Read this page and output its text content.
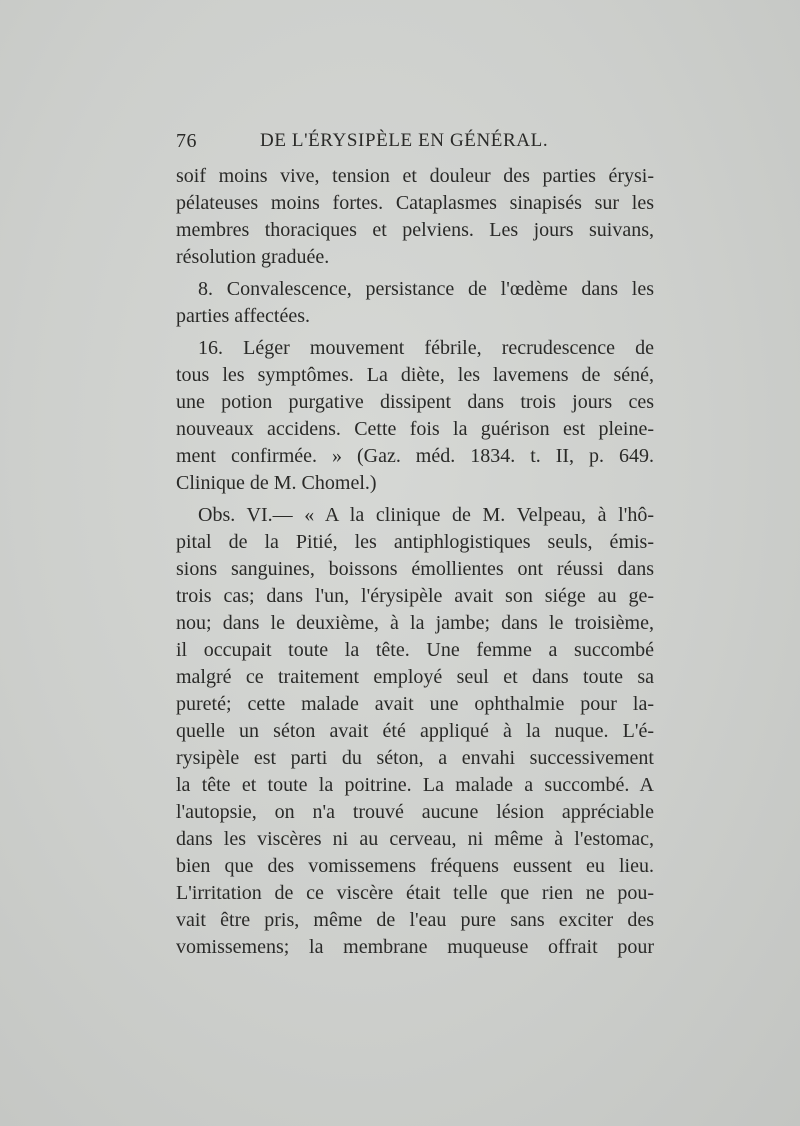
76	DE L'ÉRYSIPÈLE EN GÉNÉRAL.
soif moins vive, tension et douleur des parties érysi-
pélateuses moins fortes. Cataplasmes sinapisés sur les
membres thoraciques et pelviens. Les jours suivans,
résolution graduée.
8. Convalescence, persistance de l'œdème dans les
parties affectées.
16. Léger mouvement fébrile, recrudescence de
tous les symptômes. La diète, les lavemens de séné,
une potion purgative dissipent dans trois jours ces
nouveaux accidens. Cette fois la guérison est pleine-
ment confirmée. » (Gaz. méd. 1834. t. II, p. 649.
Clinique de M. Chomel.)
Obs. VI.— « A la clinique de M. Velpeau, à l'hô-
pital de la Pitié, les antiphlogistiques seuls, émis-
sions sanguines, boissons émollientes ont réussi dans
trois cas; dans l'un, l'érysipèle avait son siége au ge-
nou; dans le deuxième, à la jambe; dans le troisième,
il occupait toute la tête. Une femme a succombé
malgré ce traitement employé seul et dans toute sa
pureté; cette malade avait une ophthalmie pour la-
quelle un séton avait été appliqué à la nuque. L'é-
rysipèle est parti du séton, a envahi successivement
la tête et toute la poitrine. La malade a succombé. A
l'autopsie, on n'a trouvé aucune lésion appréciable
dans les viscères ni au cerveau, ni même à l'estomac,
bien que des vomissemens fréquens eussent eu lieu.
L'irritation de ce viscère était telle que rien ne pou-
vait être pris, même de l'eau pure sans exciter des
vomissemens; la membrane muqueuse offrait pour
